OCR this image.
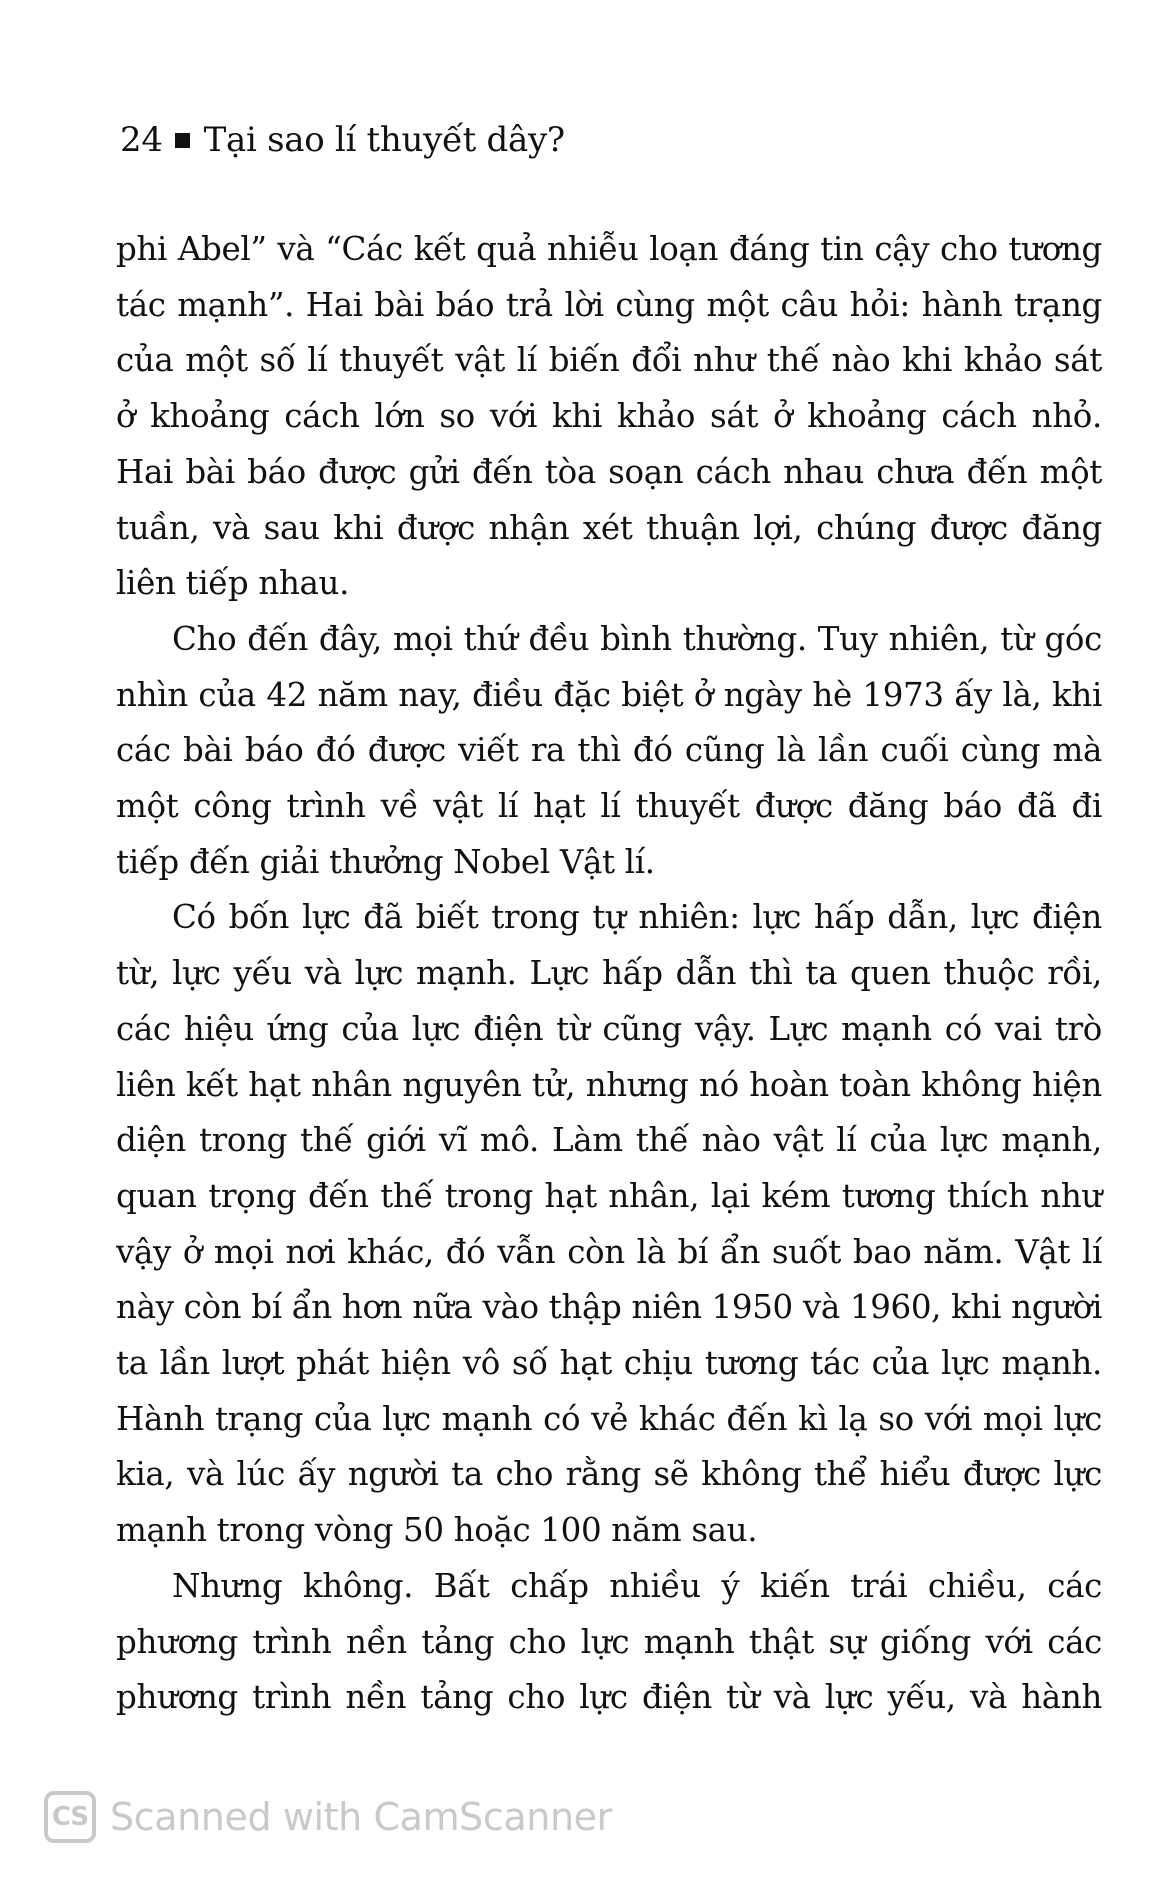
24 Tại sao lí thuyết dây?

phi Abel” và “Các kết quả nhiễu loạn đáng tin cậy cho tương tác mạnh”. Hai bài báo trả lời cùng một câu hỏi: hành trạng của một số lí thuyết vật lí biến đổi như thế nào khi khảo sát ở khoảng cách lớn so với khi khảo sát ở khoảng cách nhỏ. Hai bài báo được gửi đến tòa soạn cách nhau chưa đến một tuần, và sau khi được nhận xét thuận lợi, chúng được đăng liên tiếp nhau.

Cho đến đây, mọi thứ đều bình thường. Tuy nhiên, từ góc nhìn của 42 năm nay, điều đặc biệt ở ngày hè 1973 ấy là, khi các bài báo đó được viết ra thì đó cũng là lần cuối cùng mà một công trình về vật lí hạt lí thuyết được đăng báo đã đi tiếp đến giải thưởng Nobel Vật lí.

Có bốn lực đã biết trong tự nhiên: lực hấp dẫn, lực điện từ, lực yếu và lực mạnh. Lực hấp dẫn thì ta quen thuộc rồi, các hiệu ứng của lực điện từ cũng vậy. Lực mạnh có vai trò liên kết hạt nhân nguyên tử, nhưng nó hoàn toàn không hiện diện trong thế giới vĩ mô. Làm thế nào vật lí của lực mạnh, quan trọng đến thế trong hạt nhân, lại kém tương thích như vậy ở mọi nơi khác, đó vẫn còn là bí ẩn suốt bao năm. Vật lí này còn bí ẩn hơn nữa vào thập niên 1950 và 1960, khi người ta lần lượt phát hiện vô số hạt chịu tương tác của lực mạnh. Hành trạng của lực mạnh có vẻ khác đến kì lạ so với mọi lực kia, và lúc ấy người ta cho rằng sẽ không thể hiểu được lực mạnh trong vòng 50 hoặc 100 năm sau.

Nhưng không. Bất chấp nhiều ý kiến trái chiều, các phương trình nền tảng cho lực mạnh thật sự giống với các phương trình nền tảng cho lực điện từ và lực yếu, và hành

CS Scanned with CamScanner
